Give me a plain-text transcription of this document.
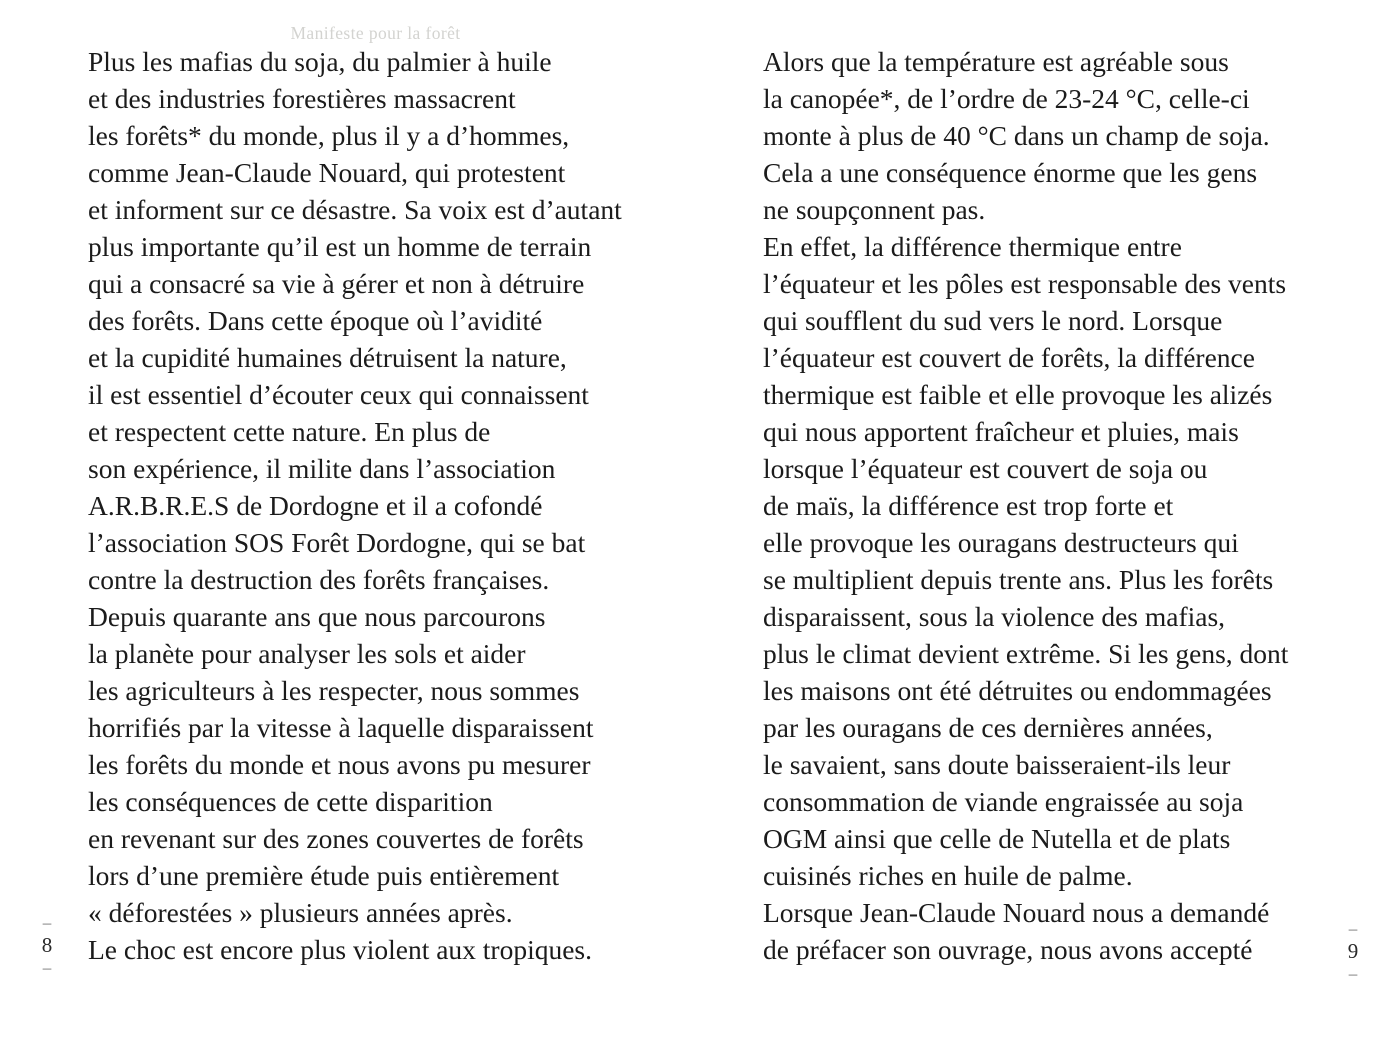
Manifeste pour la forêt
Plus les mafias du soja, du palmier à huile
et des industries forestières massacrent
les forêts* du monde, plus il y a d’hommes,
comme Jean-Claude Nouard, qui protestent
et informent sur ce désastre. Sa voix est d’autant
plus importante qu’il est un homme de terrain
qui a consacré sa vie à gérer et non à détruire
des forêts. Dans cette époque où l’avidité
et la cupidité humaines détruisent la nature,
il est essentiel d’écouter ceux qui connaissent
et respectent cette nature. En plus de
son expérience, il milite dans l’association
A.R.B.R.E.S de Dordogne et il a cofondé
l’association SOS Forêt Dordogne, qui se bat
contre la destruction des forêts françaises.
Depuis quarante ans que nous parcourons
la planète pour analyser les sols et aider
les agriculteurs à les respecter, nous sommes
horrifiés par la vitesse à laquelle disparaissent
les forêts du monde et nous avons pu mesurer
les conséquences de cette disparition
en revenant sur des zones couvertes de forêts
lors d’une première étude puis entièrement
« déforestées » plusieurs années après.
Le choc est encore plus violent aux tropiques.
Alors que la température est agréable sous
la canopée*, de l’ordre de 23-24 °C, celle-ci
monte à plus de 40 °C dans un champ de soja.
Cela a une conséquence énorme que les gens
ne soupçonnent pas.
En effet, la différence thermique entre
l’équateur et les pôles est responsable des vents
qui soufflent du sud vers le nord. Lorsque
l’équateur est couvert de forêts, la différence
thermique est faible et elle provoque les alizés
qui nous apportent fraîcheur et pluies, mais
lorsque l’équateur est couvert de soja ou
de maïs, la différence est trop forte et
elle provoque les ouragans destructeurs qui
se multiplient depuis trente ans. Plus les forêts
disparaissent, sous la violence des mafias,
plus le climat devient extrême. Si les gens, dont
les maisons ont été détruites ou endommagées
par les ouragans de ces dernières années,
le savaient, sans doute baisseraient-ils leur
consommation de viande engraissée au soja
OGM ainsi que celle de Nutella et de plats
cuisinés riches en huile de palme.
Lorsque Jean-Claude Nouard nous a demandé
de préfacer son ouvrage, nous avons accepté
–
8
–
–
9
–
